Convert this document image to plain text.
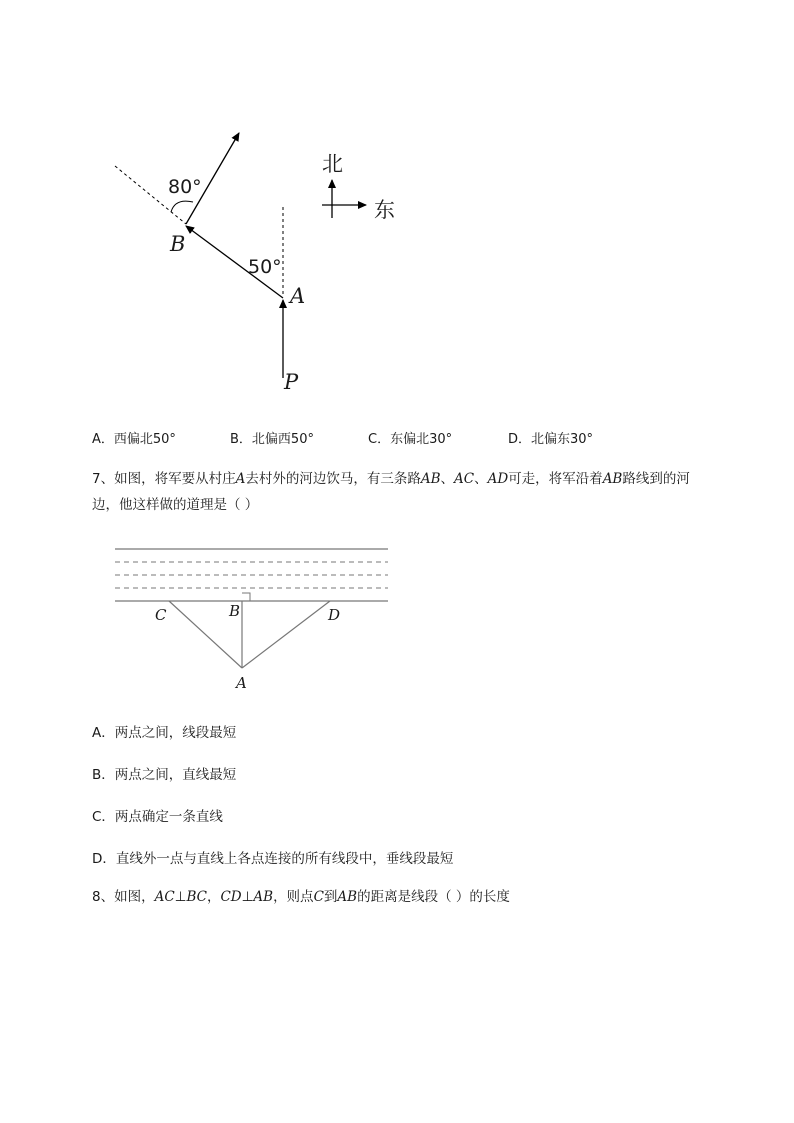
北
东
80°
50°
B
A
P
A．西偏北50°	B．北偏西50°	C．东偏北30°	D．北偏东30°
7、如图，将军要从村庄A去村外的河边饮马，有三条路AB、AC、AD可走，将军沿着AB路线到的河
边，他这样做的道理是（ ）
C	B	D
A
A．两点之间，线段最短
B．两点之间，直线最短
C．两点确定一条直线
D．直线外一点与直线上各点连接的所有线段中，垂线段最短
8、如图，AC⊥BC，CD⊥AB，则点C到AB的距离是线段（ ）的长度
